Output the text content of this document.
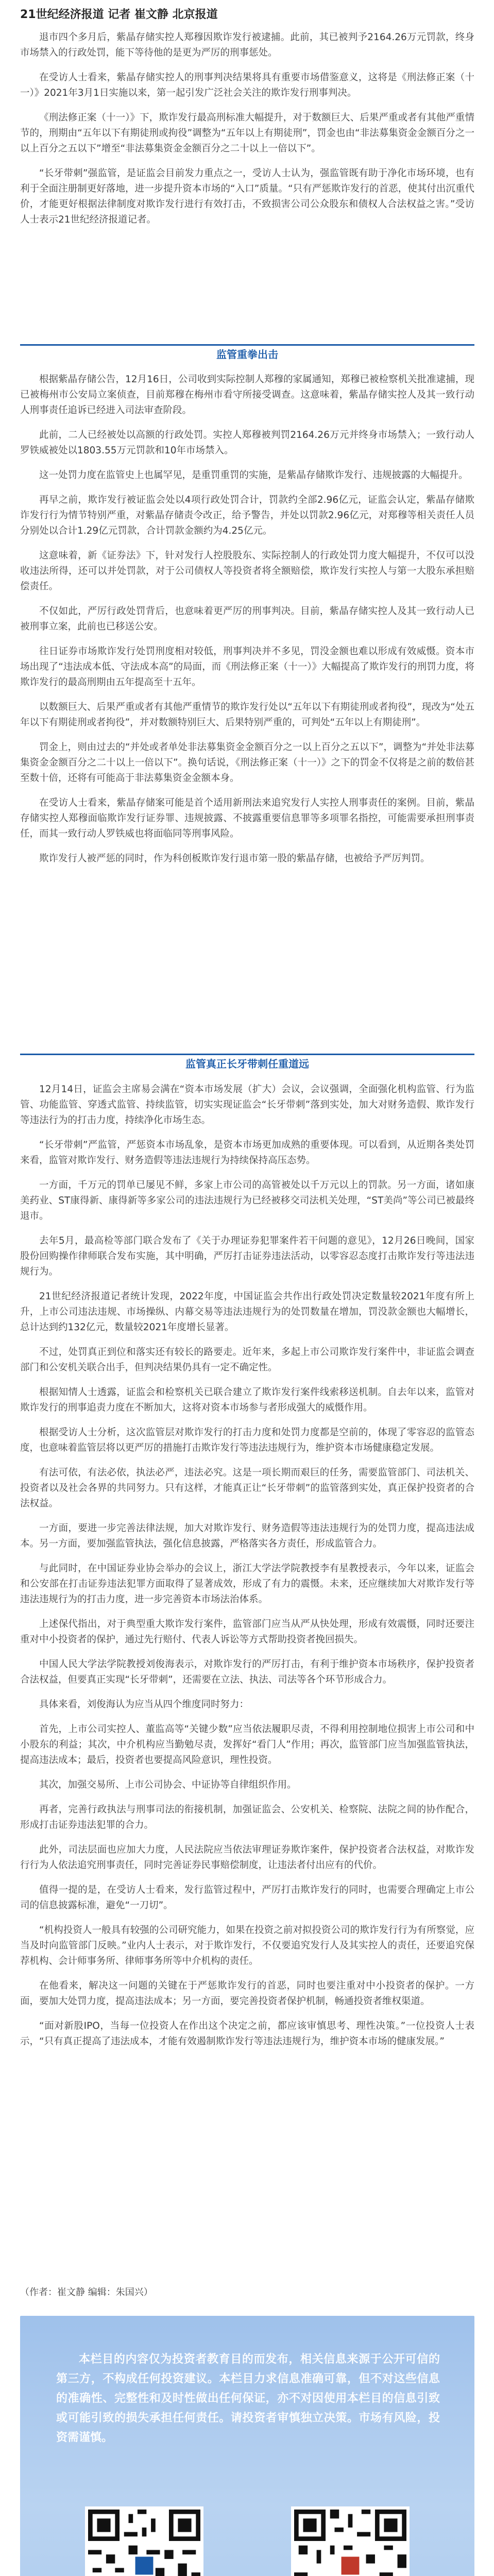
21世纪经济报道 记者 崔文静 北京报道

退市四个多月后，紫晶存储实控人郑穆因欺诈发行被逮捕。此前，其已被判予2164.26万元罚款，终身市场禁入的行政处罚，能下等待他的是更为严厉的刑事惩处。

在受访人士看来，紫晶存储实控人的刑事判决结果将具有重要市场借鉴意义，这将是《刑法修正案（十一）》2021年3月1日实施以来，第一起引发广泛社会关注的欺诈发行刑事判决。

《刑法修正案（十一）》下，欺诈发行最高刑标准大幅提升，对于数额巨大、后果严重或者有其他严重情节的，刑期由“五年以下有期徒刑或拘役”调整为“五年以上有期徒刑”，罚金也由“非法募集资金金额百分之一以上百分之五以下”增至“非法募集资金金额百分之二十以上一倍以下”。

“长牙带刺”强监管，是证监会目前发力重点之一，受访人士认为，强监管既有助于净化市场环境，也有利于全面注册制更好落地，进一步提升资本市场的“入口”质量。“只有严惩欺诈发行的首恶，使其付出沉重代价，才能更好根据法律制度对欺诈发行进行有效打击，不致损害公司公众股东和债权人合法权益之害。”受访人士表示21世纪经济报道记者。

监管重拳出击

根据紫晶存储公告，12月16日，公司收到实际控制人郑穆的家属通知，郑穆已被检察机关批准逮捕，现已被梅州市公安局立案侦查，目前郑穆在梅州市看守所接受调查。这意味着，紫晶存储实控人及其一致行动人刑事责任追诉已经进入司法审查阶段。

此前，二人已经被处以高额的行政处罚。实控人郑穆被判罚2164.26万元并终身市场禁入；一致行动人罗铁威被处以1803.55万元罚款和10年市场禁入。

这一处罚力度在监管史上也属罕见，是重罚重罚的实施，是紫晶存储欺诈发行、违规披露的大幅提升。

再早之前，欺诈发行被证监会处以4项行政处罚合计，罚款约全部2.96亿元，证监会认定，紫晶存储欺诈发行行为情节特别严重，对紫晶存储责令改正，给予警告，并处以罚款2.96亿元，对郑穆等相关责任人员分别处以合计1.29亿元罚款，合计罚款金额约为4.25亿元。

这意味着，新《证券法》下，针对发行人控股股东、实际控制人的行政处罚力度大幅提升，不仅可以没收违法所得，还可以并处罚款，对于公司债权人等投资者将全额赔偿，欺诈发行实控人与第一大股东承担赔偿责任。

不仅如此，严厉行政处罚背后，也意味着更严厉的刑事判决。目前，紫晶存储实控人及其一致行动人已被刑事立案，此前也已移送公安。

往日证券市场欺诈发行处罚刑度相对较低，刑事判决并不多见，罚没金额也难以形成有效威慑。资本市场出现了“违法成本低、守法成本高”的局面，而《刑法修正案（十一）》大幅提高了欺诈发行的刑罚力度，将欺诈发行的最高刑期由五年提高至十五年。

以数额巨大、后果严重或者有其他严重情节的欺诈发行处以“五年以下有期徒刑或者拘役”，现改为“处五年以下有期徒刑或者拘役”，并对数额特别巨大、后果特别严重的，可判处“五年以上有期徒刑”。

罚金上，则由过去的“并处或者单处非法募集资金金额百分之一以上百分之五以下”，调整为“并处非法募集资金金额百分之二十以上一倍以下”。换句话说，《刑法修正案（十一）》之下的罚金不仅将是之前的数倍甚至数十倍，还将有可能高于非法募集资金金额本身。

在受访人士看来，紫晶存储案可能是首个适用新刑法来追究发行人实控人刑事责任的案例。目前，紫晶存储实控人郑穆面临欺诈发行证券罪、违规披露、不披露重要信息罪等多项罪名指控，可能需要承担刑事责任，而其一致行动人罗铁威也将面临同等刑事风险。

欺诈发行人被严惩的同时，作为科创板欺诈发行退市第一股的紫晶存储，也被给予严厉判罚。

监管真正长牙带刺任重道远

12月14日，证监会主席易会满在“资本市场发展（扩大）会议，会议强调，全面强化机构监管、行为监管、功能监管、穿透式监管、持续监管，切实实现证监会“长牙带刺”落到实处，加大对财务造假、欺诈发行等违法行为的打击力度，持续净化市场生态。

“长牙带刺”严监管，严惩资本市场乱象，是资本市场更加成熟的重要体现。可以看到，从近期各类处罚来看，监管对欺诈发行、财务造假等违法违规行为持续保持高压态势。

一方面，千万元的罚单已屡见不鲜，多家上市公司的高管被处以千万元以上的罚款。另一方面，诸如康美药业、ST康得新、康得新等多家公司的违法违规行为已经被移交司法机关处理，“ST美尚”等公司已被最终退市。

去年5月，最高检等部门联合发布了《关于办理证券犯罪案件若干问题的意见》，12月26日晚间，国家股份回购操作律师联合发布实施，其中明确，严厉打击证券违法活动，以零容忍态度打击欺诈发行等违法违规行为。

21世纪经济报道记者统计发现，2022年度，中国证监会共作出行政处罚决定数量较2021年度有所上升，上市公司违法违规、市场操纵、内幕交易等违法违规行为的处罚数量在增加，罚没款金额也大幅增长，总计达到约132亿元，数量较2021年度增长显著。

不过，处罚真正到位和落实还有较长的路要走。近年来，多起上市公司欺诈发行案件中，非证监会调查部门和公安机关联合出手，但判决结果仍具有一定不确定性。

根据知情人士透露，证监会和检察机关已联合建立了欺诈发行案件线索移送机制。自去年以来，监管对欺诈发行的刑事追责力度在不断加大，这将对资本市场参与者形成强大的威慑作用。

根据受访人士分析，这次监管层对欺诈发行的打击力度和处罚力度都是空前的，体现了零容忍的监管态度，也意味着监管层将以更严厉的措施打击欺诈发行等违法违规行为，维护资本市场健康稳定发展。

有法可依，有法必依，执法必严，违法必究。这是一项长期而艰巨的任务，需要监管部门、司法机关、投资者以及社会各界的共同努力。只有这样，才能真正让“长牙带刺”的监管落到实处，真正保护投资者的合法权益。

一方面，要进一步完善法律法规，加大对欺诈发行、财务造假等违法违规行为的处罚力度，提高违法成本。另一方面，要加强监管执法，强化信息披露，严格落实各方责任，形成监管合力。

与此同时，在中国证券业协会举办的会议上，浙江大学法学院教授李有星教授表示，今年以来，证监会和公安部在打击证券违法犯罪方面取得了显著成效，形成了有力的震慑。未来，还应继续加大对欺诈发行等违法违规行为的打击力度，进一步完善资本市场法治体系。

上述保代指出，对于典型重大欺诈发行案件，监管部门应当从严从快处理，形成有效震慑，同时还要注重对中小投资者的保护，通过先行赔付、代表人诉讼等方式帮助投资者挽回损失。

中国人民大学法学院教授刘俊海表示，对欺诈发行的严厉打击，有利于维护资本市场秩序，保护投资者合法权益，但要真正实现“长牙带刺”，还需要在立法、执法、司法等各个环节形成合力。

具体来看，刘俊海认为应当从四个维度同时努力：

首先，上市公司实控人、董监高等“关键少数”应当依法履职尽责，不得利用控制地位损害上市公司和中小股东的利益；其次，中介机构应当勤勉尽责，发挥好“看门人”作用；再次，监管部门应当加强监管执法，提高违法成本；最后，投资者也要提高风险意识，理性投资。

其次，加强交易所、上市公司协会、中证协等自律组织作用。

再者，完善行政执法与刑事司法的衔接机制，加强证监会、公安机关、检察院、法院之间的协作配合，形成打击证券违法犯罪的合力。

此外，司法层面也应加大力度，人民法院应当依法审理证券欺诈案件，保护投资者合法权益，对欺诈发行行为人依法追究刑事责任，同时完善证券民事赔偿制度，让违法者付出应有的代价。

值得一提的是，在受访人士看来，发行监管过程中，严厉打击欺诈发行的同时，也需要合理确定上市公司的信息披露标准，避免“一刀切”。

“机构投资人一般具有较强的公司研究能力，如果在投资之前对拟投资公司的欺诈发行行为有所察觉，应当及时向监管部门反映。”业内人士表示，对于欺诈发行，不仅要追究发行人及其实控人的责任，还要追究保荐机构、会计师事务所、律师事务所等中介机构的责任。

在他看来，解决这一问题的关键在于严惩欺诈发行的首恶，同时也要注重对中小投资者的保护。一方面，要加大处罚力度，提高违法成本；另一方面，要完善投资者保护机制，畅通投资者维权渠道。

“面对新股IPO，当每一位投资人在作出这个决定之前，都应该审慎思考、理性决策。”一位投资人士表示，“只有真正提高了违法成本，才能有效遏制欺诈发行等违法违规行为，维护资本市场的健康发展。”

（作者：崔文静 编辑：朱国兴）
本栏目的内容仅为投资者教育目的而发布，相关信息来源于公开可信的第三方，不构成任何投资建议。本栏目力求信息准确可靠，但不对这些信息的准确性、完整性和及时性做出任何保证，亦不对因使用本栏目的信息引致或可能引致的损失承担任何责任。请投资者审慎独立决策。市场有风险，投资需谨慎。
